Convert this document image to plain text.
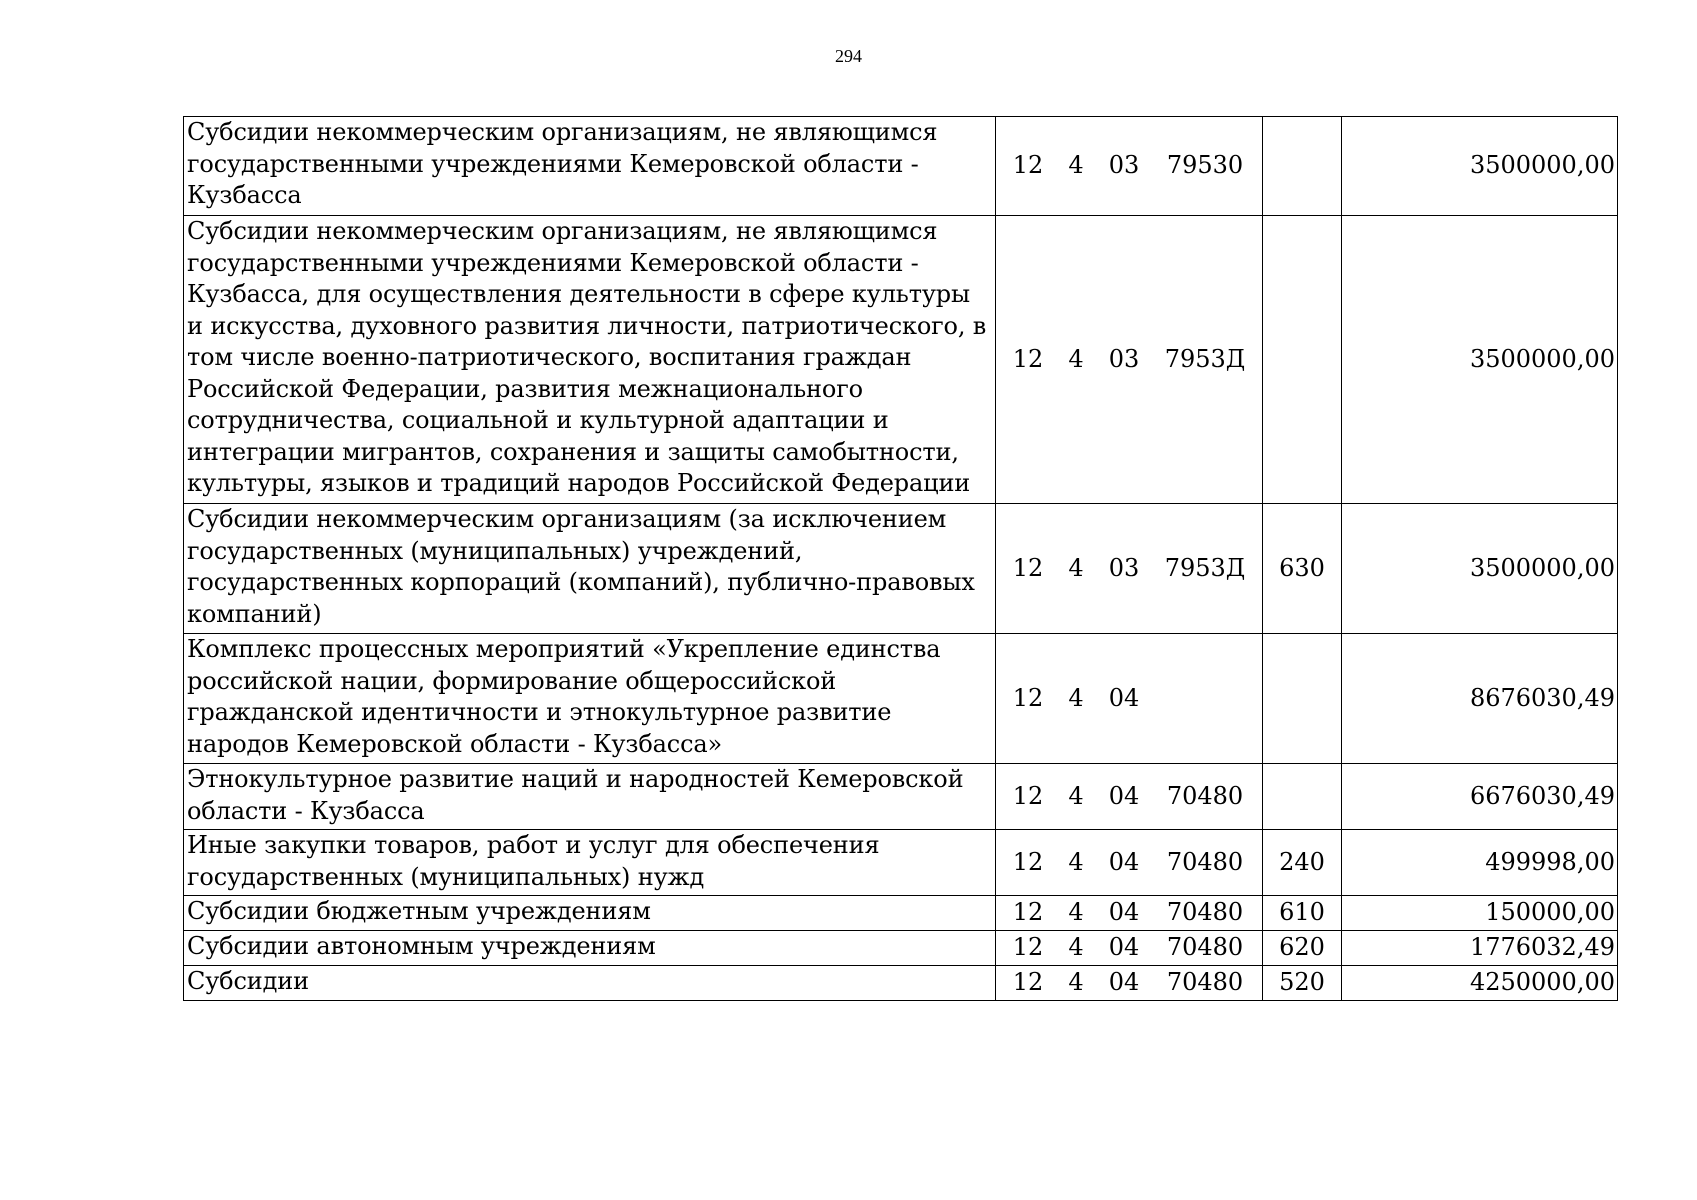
294
Субсидии некоммерческим организациям, не являющимся государственными учреждениями Кемеровской области - Кузбасса	12 4 03 79530		3500000,00
Субсидии некоммерческим организациям, не являющимся государственными учреждениями Кемеровской области - Кузбасса, для осуществления деятельности в сфере культуры и искусства, духовного развития личности, патриотического, в том числе военно-патриотического, воспитания граждан Российской Федерации, развития межнационального сотрудничества, социальной и культурной адаптации и интеграции мигрантов, сохранения и защиты самобытности, культуры, языков и традиций народов Российской Федерации	12 4 03 7953Д		3500000,00
Субсидии некоммерческим организациям (за исключением государственных (муниципальных) учреждений, государственных корпораций (компаний), публично-правовых компаний)	12 4 03 7953Д	630	3500000,00
Комплекс процессных мероприятий «Укрепление единства российской нации, формирование общероссийской гражданской идентичности и этнокультурное развитие народов Кемеровской области - Кузбасса»	12 4 04		8676030,49
Этнокультурное развитие наций и народностей Кемеровской области - Кузбасса	12 4 04 70480		6676030,49
Иные закупки товаров, работ и услуг для обеспечения государственных (муниципальных) нужд	12 4 04 70480	240	499998,00
Субсидии бюджетным учреждениям	12 4 04 70480	610	150000,00
Субсидии автономным учреждениям	12 4 04 70480	620	1776032,49
Субсидии	12 4 04 70480	520	4250000,00
